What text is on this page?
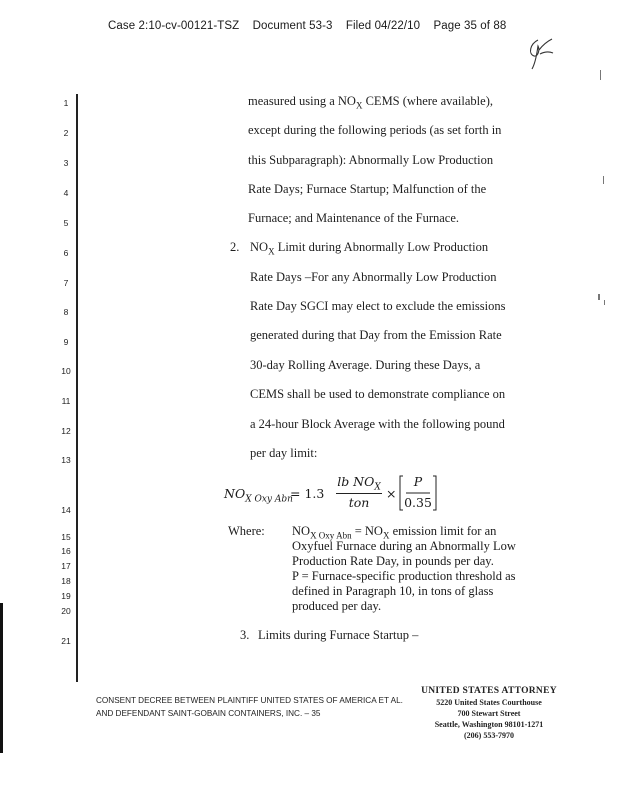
Case 2:10-cv-00121-TSZ Document 53-3 Filed 04/22/10 Page 35 of 88
1
2
3
4
5
6
7
8
9
10
11
12
13
14
15
16
17
18
19
20
21
measured using a $NO_X$ CEMS (where available),
except during the following periods (as set forth in
this Subparagraph): Abnormally Low Production
Rate Days; Furnace Startup; Malfunction of the
Furnace; and Maintenance of the Furnace.
2. $NO_X$ Limit during Abnormally Low Production
Rate Days –For any Abnormally Low Production
Rate Day SGCI may elect to exclude the emissions
generated during that Day from the Emission Rate
30-day Rolling Average. During these Days, a
CEMS shall be used to demonstrate compliance on
a 24-hour Block Average with the following pound
per day limit:
$NO_{X Oxy Abn}$
= 1.3
lb $NO_X$
ton
×
P
0.35
Where: $NO_{X Oxy Abn} = NO_X$ emission limit for an
Oxyfuel Furnace during an Abnormally Low
Production Rate Day, in pounds per day.
P = Furnace-specific production threshold as
defined in Paragraph 10, in tons of glass
produced per day.
3. Limits during Furnace Startup –
CONSENT DECREE BETWEEN PLAINTIFF UNITED STATES OF AMERICA ET AL.
AND DEFENDANT SAINT-GOBAIN CONTAINERS, INC. – 35
UNITED STATES ATTORNEY
5220 United States Courthouse
700 Stewart Street
Seattle, Washington 98101-1271
(206) 553-7970
